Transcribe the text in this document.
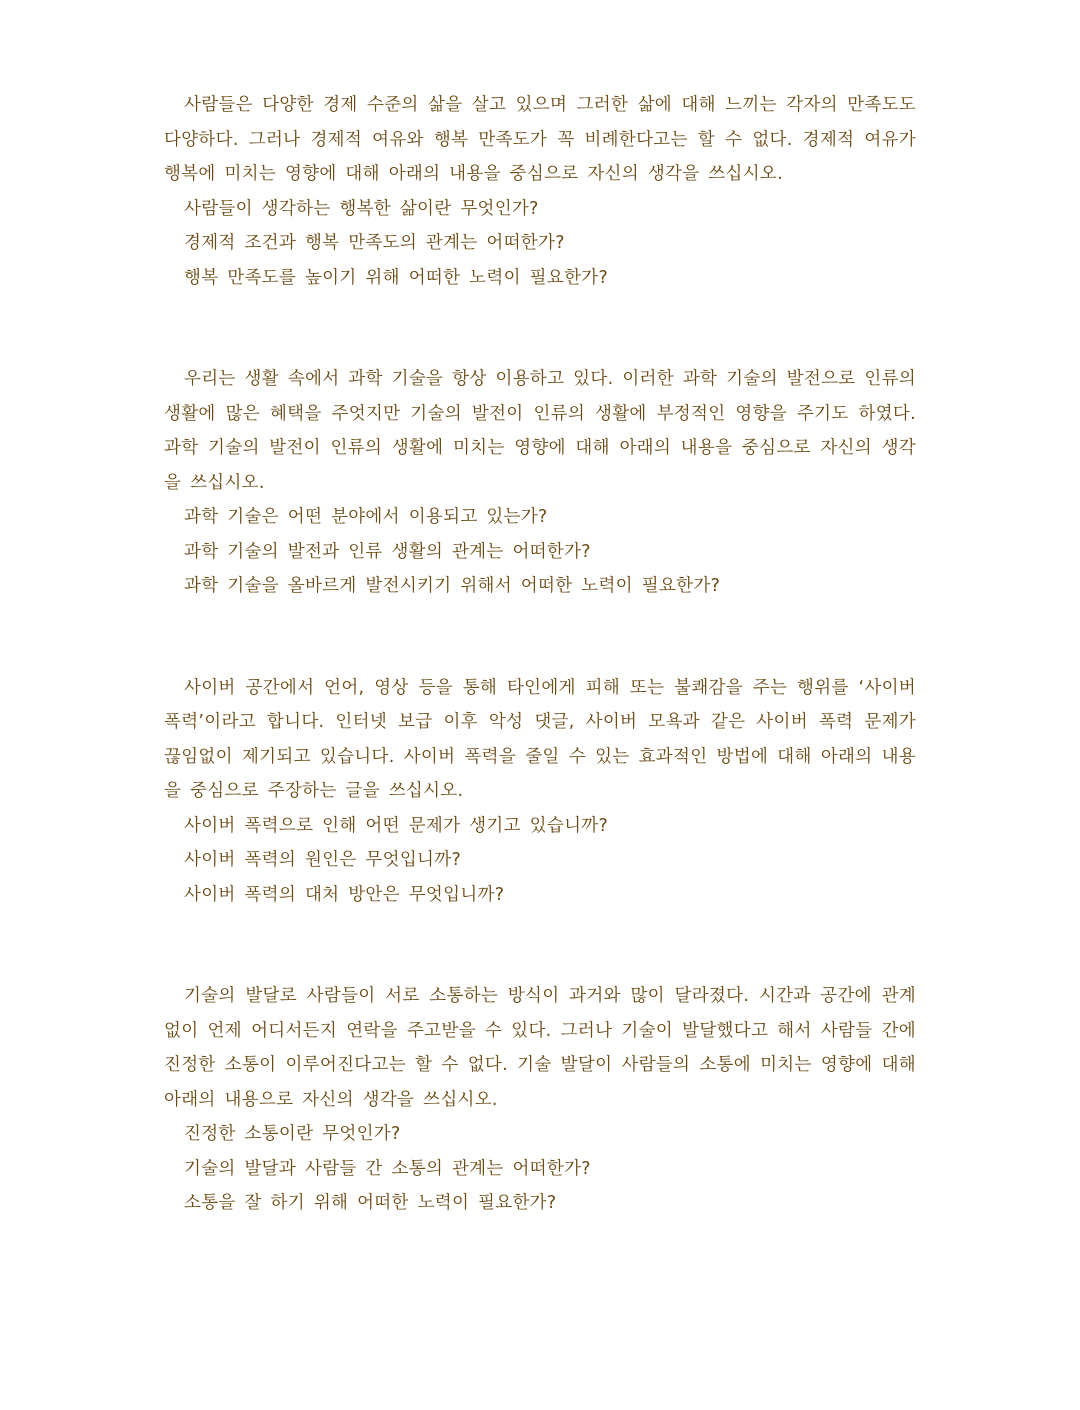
사람들은 다양한 경제 수준의 삶을 살고 있으며 그러한 삶에 대해 느끼는 각자의 만족도도 다양하다. 그러나 경제적 여유와 행복 만족도가 꼭 비례한다고는 할 수 없다. 경제적 여유가 행복에 미치는 영향에 대해 아래의 내용을 중심으로 자신의 생각을 쓰십시오.

사람들이 생각하는 행복한 삶이란 무엇인가?

경제적 조건과 행복 만족도의 관계는 어떠한가?

행복 만족도를 높이기 위해 어떠한 노력이 필요한가?

우리는 생활 속에서 과학 기술을 항상 이용하고 있다. 이러한 과학 기술의 발전으로 인류의 생활에 많은 혜택을 주엇지만 기술의 발전이 인류의 생활에 부정적인 영향을 주기도 하였다. 과학 기술의 발전이 인류의 생활에 미치는 영향에 대해 아래의 내용을 중심으로 자신의 생각을 쓰십시오.

과학 기술은 어떤 분야에서 이용되고 있는가?

과학 기술의 발전과 인류 생활의 관계는 어떠한가?

과학 기술을 올바르게 발전시키기 위해서 어떠한 노력이 필요한가?

사이버 공간에서 언어, 영상 등을 통해 타인에게 피해 또는 불쾌감을 주는 행위를 ‘사이버 폭력’이라고 합니다. 인터넷 보급 이후 악성 댓글, 사이버 모욕과 같은 사이버 폭력 문제가 끊임없이 제기되고 있습니다. 사이버 폭력을 줄일 수 있는 효과적인 방법에 대해 아래의 내용을 중심으로 주장하는 글을 쓰십시오.

사이버 폭력으로 인해 어떤 문제가 생기고 있습니까?

사이버 폭력의 원인은 무엇입니까?

사이버 폭력의 대처 방안은 무엇입니까?

기술의 발달로 사람들이 서로 소통하는 방식이 과거와 많이 달라졌다. 시간과 공간에 관계없이 언제 어디서든지 연락을 주고받을 수 있다. 그러나 기술이 발달했다고 해서 사람들 간에 진정한 소통이 이루어진다고는 할 수 없다. 기술 발달이 사람들의 소통에 미치는 영향에 대해 아래의 내용으로 자신의 생각을 쓰십시오.

진정한 소통이란 무엇인가?

기술의 발달과 사람들 간 소통의 관계는 어떠한가?

소통을 잘 하기 위해 어떠한 노력이 필요한가?
